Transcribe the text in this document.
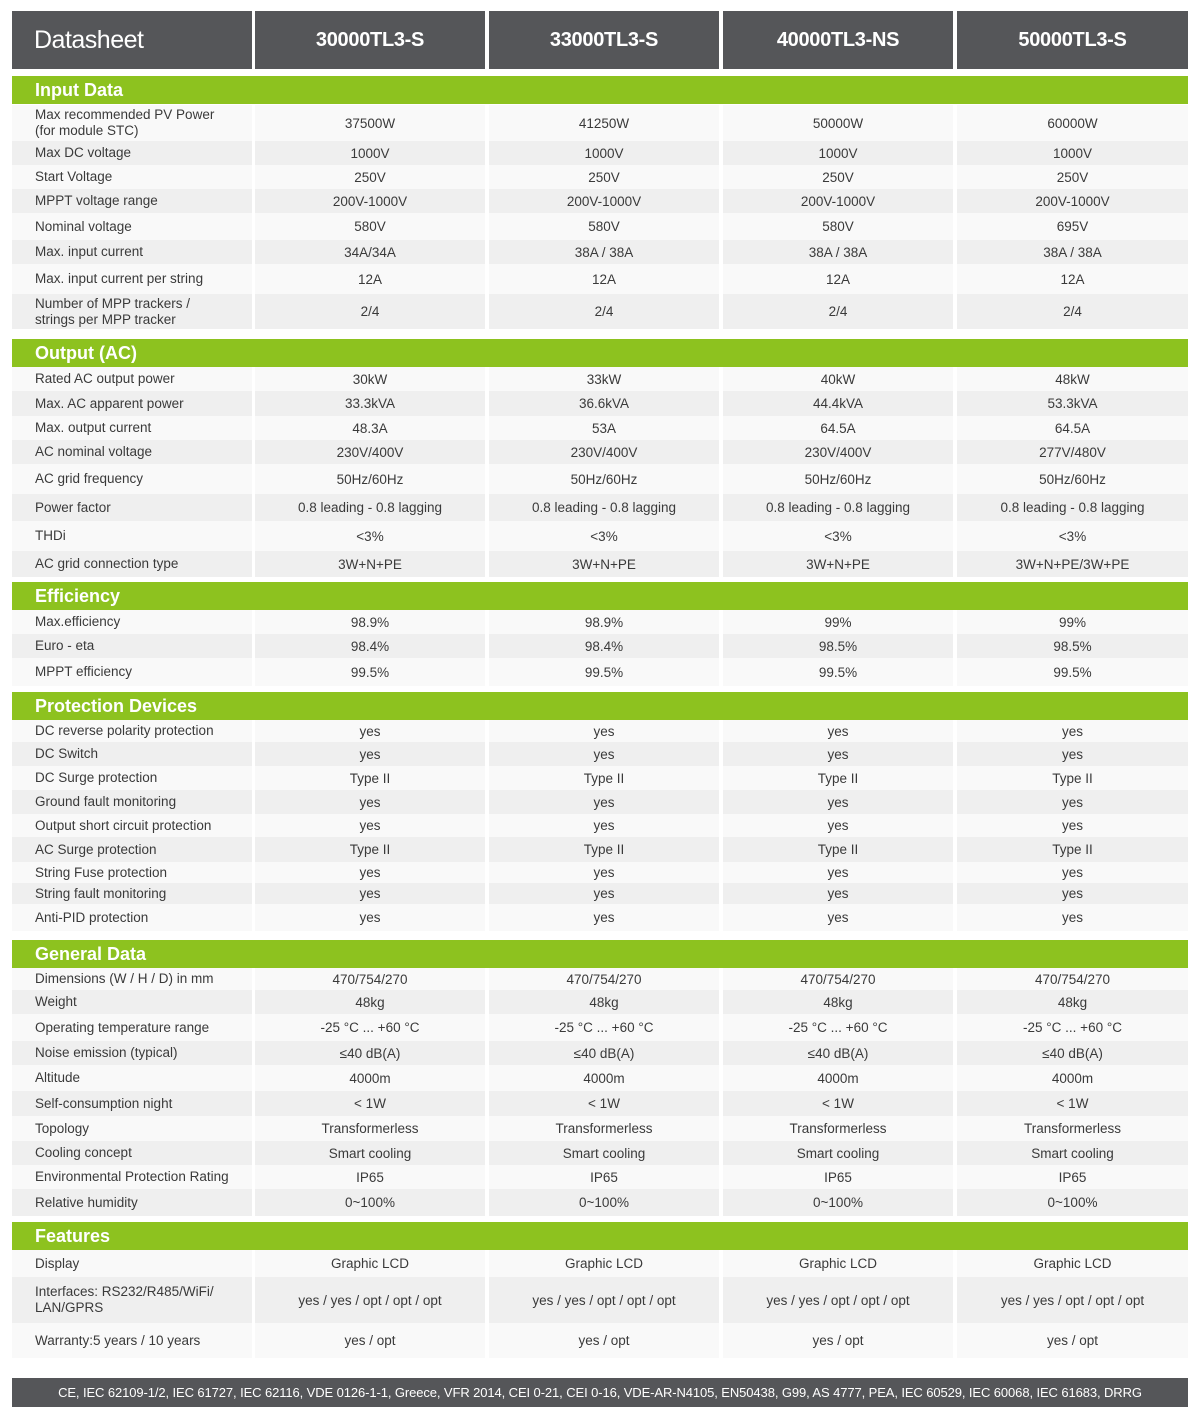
Datasheet	30000TL3-S	33000TL3-S	40000TL3-NS	50000TL3-S
Input Data
Max recommended PV Power
(for module STC)	37500W	41250W	50000W	60000W
Max DC voltage	1000V	1000V	1000V	1000V
Start Voltage	250V	250V	250V	250V
MPPT voltage range	200V-1000V	200V-1000V	200V-1000V	200V-1000V
Nominal voltage	580V	580V	580V	695V
Max. input current	34A/34A	38A / 38A	38A / 38A	38A / 38A
Max. input current per string	12A	12A	12A	12A
Number of MPP trackers /
strings per MPP tracker	2/4	2/4	2/4	2/4
Output (AC)
Rated AC output power	30kW	33kW	40kW	48kW
Max. AC apparent power	33.3kVA	36.6kVA	44.4kVA	53.3kVA
Max. output current	48.3A	53A	64.5A	64.5A
AC nominal voltage	230V/400V	230V/400V	230V/400V	277V/480V
AC grid frequency	50Hz/60Hz	50Hz/60Hz	50Hz/60Hz	50Hz/60Hz
Power factor	0.8 leading - 0.8 lagging	0.8 leading - 0.8 lagging	0.8 leading - 0.8 lagging	0.8 leading - 0.8 lagging
THDi	<3%	<3%	<3%	<3%
AC grid connection type	3W+N+PE	3W+N+PE	3W+N+PE	3W+N+PE/3W+PE
Efficiency
Max.efficiency	98.9%	98.9%	99%	99%
Euro - eta	98.4%	98.4%	98.5%	98.5%
MPPT efficiency	99.5%	99.5%	99.5%	99.5%
Protection Devices
DC reverse polarity protection	yes	yes	yes	yes
DC Switch	yes	yes	yes	yes
DC Surge protection	Type II	Type II	Type II	Type II
Ground fault monitoring	yes	yes	yes	yes
Output short circuit protection	yes	yes	yes	yes
AC Surge protection	Type II	Type II	Type II	Type II
String Fuse protection	yes	yes	yes	yes
String fault monitoring	yes	yes	yes	yes
Anti-PID protection	yes	yes	yes	yes
General Data
Dimensions (W / H / D) in mm	470/754/270	470/754/270	470/754/270	470/754/270
Weight	48kg	48kg	48kg	48kg
Operating temperature range	-25 °C ... +60 °C	-25 °C ... +60 °C	-25 °C ... +60 °C	-25 °C ... +60 °C
Noise emission (typical)	≤40 dB(A)	≤40 dB(A)	≤40 dB(A)	≤40 dB(A)
Altitude	4000m	4000m	4000m	4000m
Self-consumption night	< 1W	< 1W	< 1W	< 1W
Topology	Transformerless	Transformerless	Transformerless	Transformerless
Cooling concept	Smart cooling	Smart cooling	Smart cooling	Smart cooling
Environmental Protection Rating	IP65	IP65	IP65	IP65
Relative humidity	0~100%	0~100%	0~100%	0~100%
Features
Display	Graphic LCD	Graphic LCD	Graphic LCD	Graphic LCD
Interfaces: RS232/R485/WiFi/
LAN/GPRS	yes / yes / opt / opt / opt	yes / yes / opt / opt / opt	yes / yes / opt / opt / opt	yes / yes / opt / opt / opt
Warranty:5 years / 10 years	yes / opt	yes / opt	yes / opt	yes / opt
CE, IEC 62109-1/2, IEC 61727, IEC 62116, VDE 0126-1-1, Greece, VFR 2014, CEI 0-21, CEI 0-16, VDE-AR-N4105, EN50438, G99, AS 4777, PEA, IEC 60529, IEC 60068, IEC 61683, DRRG
